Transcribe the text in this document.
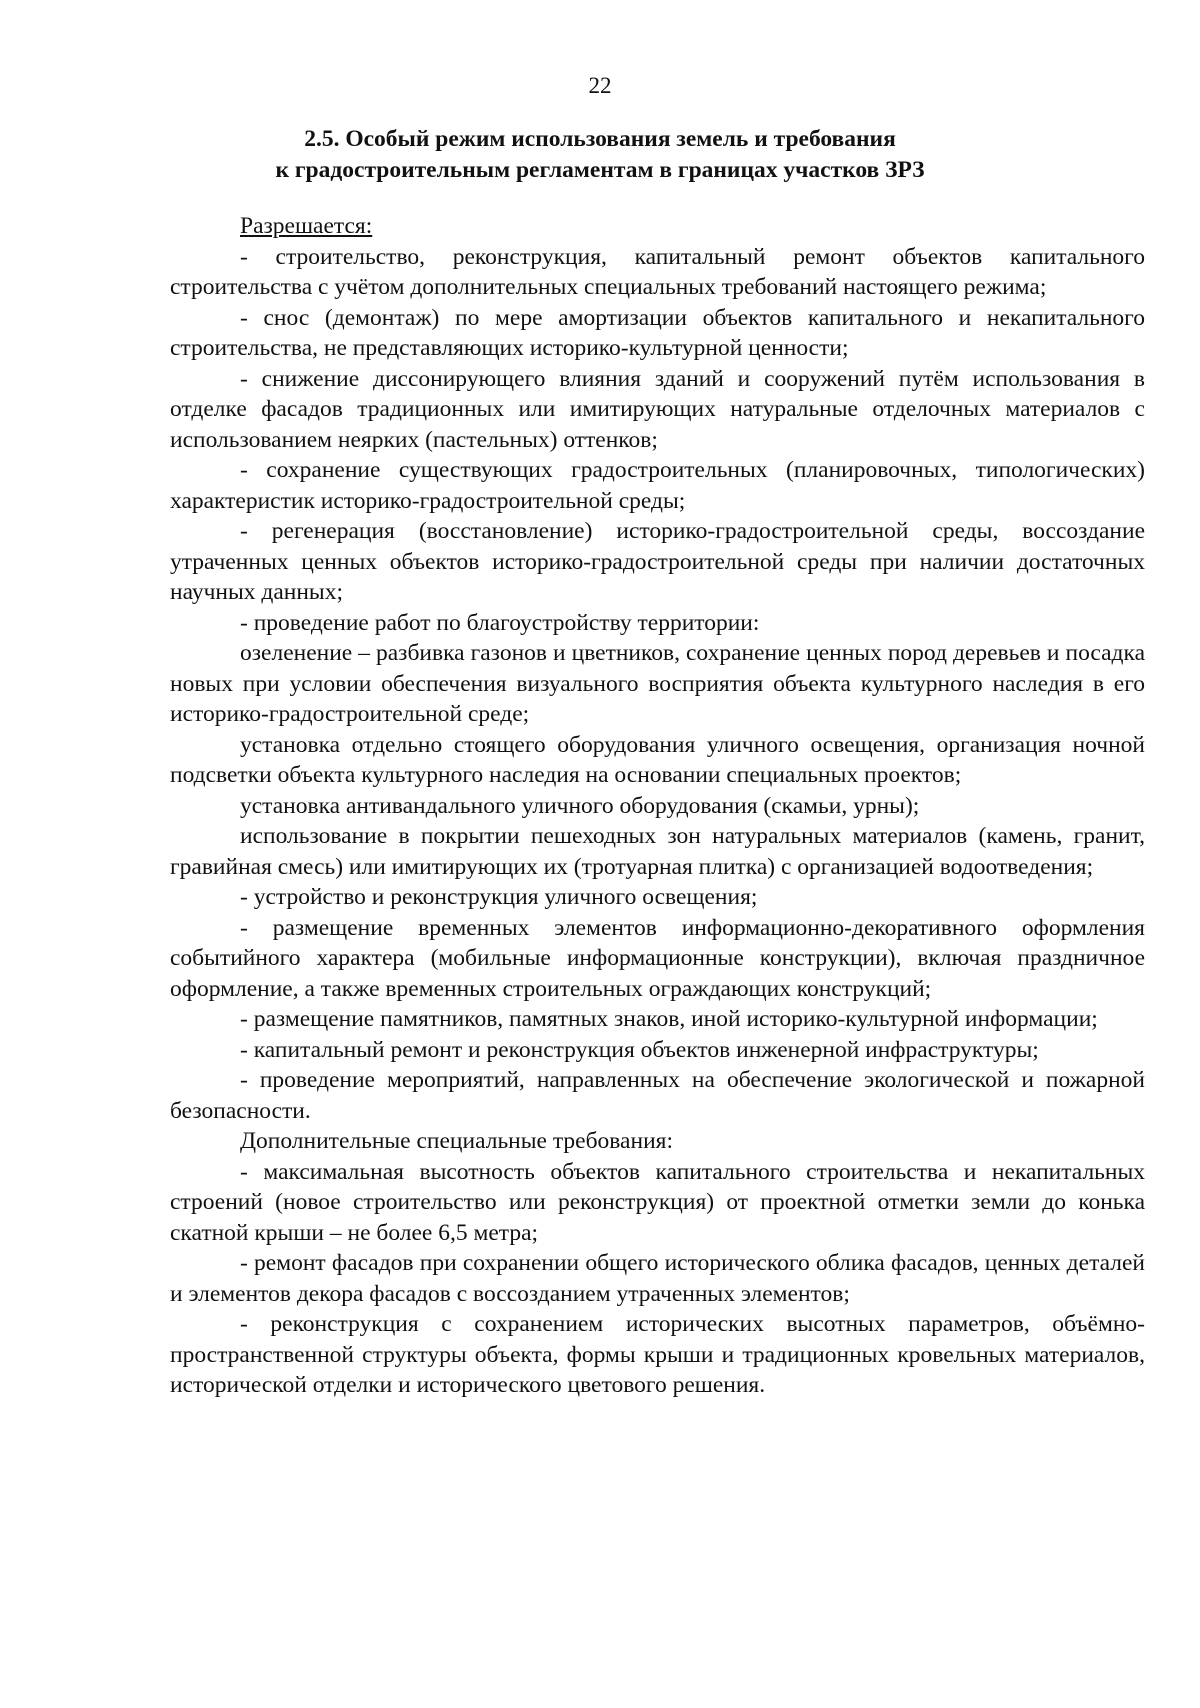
22
2.5. Особый режим использования земель и требования
к градостроительным регламентам в границах участков ЗРЗ

Разрешается:

- строительство, реконструкция, капитальный ремонт объектов капитального строительства с учётом дополнительных специальных требований настоящего режима;

- снос (демонтаж) по мере амортизации объектов капитального и некапитального строительства, не представляющих историко-культурной ценности;

- снижение диссонирующего влияния зданий и сооружений путём использования в отделке фасадов традиционных или имитирующих натуральные отделочных материалов с использованием неярких (пастельных) оттенков;

- сохранение существующих градостроительных (планировочных, типологических) характеристик историко-градостроительной среды;

- регенерация (восстановление) историко-градостроительной среды, воссоздание утраченных ценных объектов историко-градостроительной среды при наличии достаточных научных данных;

- проведение работ по благоустройству территории:

озеленение – разбивка газонов и цветников, сохранение ценных пород деревьев и посадка новых при условии обеспечения визуального восприятия объекта культурного наследия в его историко-градостроительной среде;

установка отдельно стоящего оборудования уличного освещения, организация ночной подсветки объекта культурного наследия на основании специальных проектов;

установка антивандального уличного оборудования (скамьи, урны);

использование в покрытии пешеходных зон натуральных материалов (камень, гранит, гравийная смесь) или имитирующих их (тротуарная плитка) с организацией водоотведения;

- устройство и реконструкция уличного освещения;

- размещение временных элементов информационно-декоративного оформления событийного характера (мобильные информационные конструкции), включая праздничное оформление, а также временных строительных ограждающих конструкций;

- размещение памятников, памятных знаков, иной историко-культурной информации;

- капитальный ремонт и реконструкция объектов инженерной инфраструктуры;

- проведение мероприятий, направленных на обеспечение экологической и пожарной безопасности.

Дополнительные специальные требования:

- максимальная высотность объектов капитального строительства и некапитальных строений (новое строительство или реконструкция) от проектной отметки земли до конька скатной крыши – не более 6,5 метра;

- ремонт фасадов при сохранении общего исторического облика фасадов, ценных деталей и элементов декора фасадов с воссозданием утраченных элементов;

- реконструкция с сохранением исторических высотных параметров, объёмно-пространственной структуры объекта, формы крыши и традиционных кровельных материалов, исторической отделки и исторического цветового решения.
